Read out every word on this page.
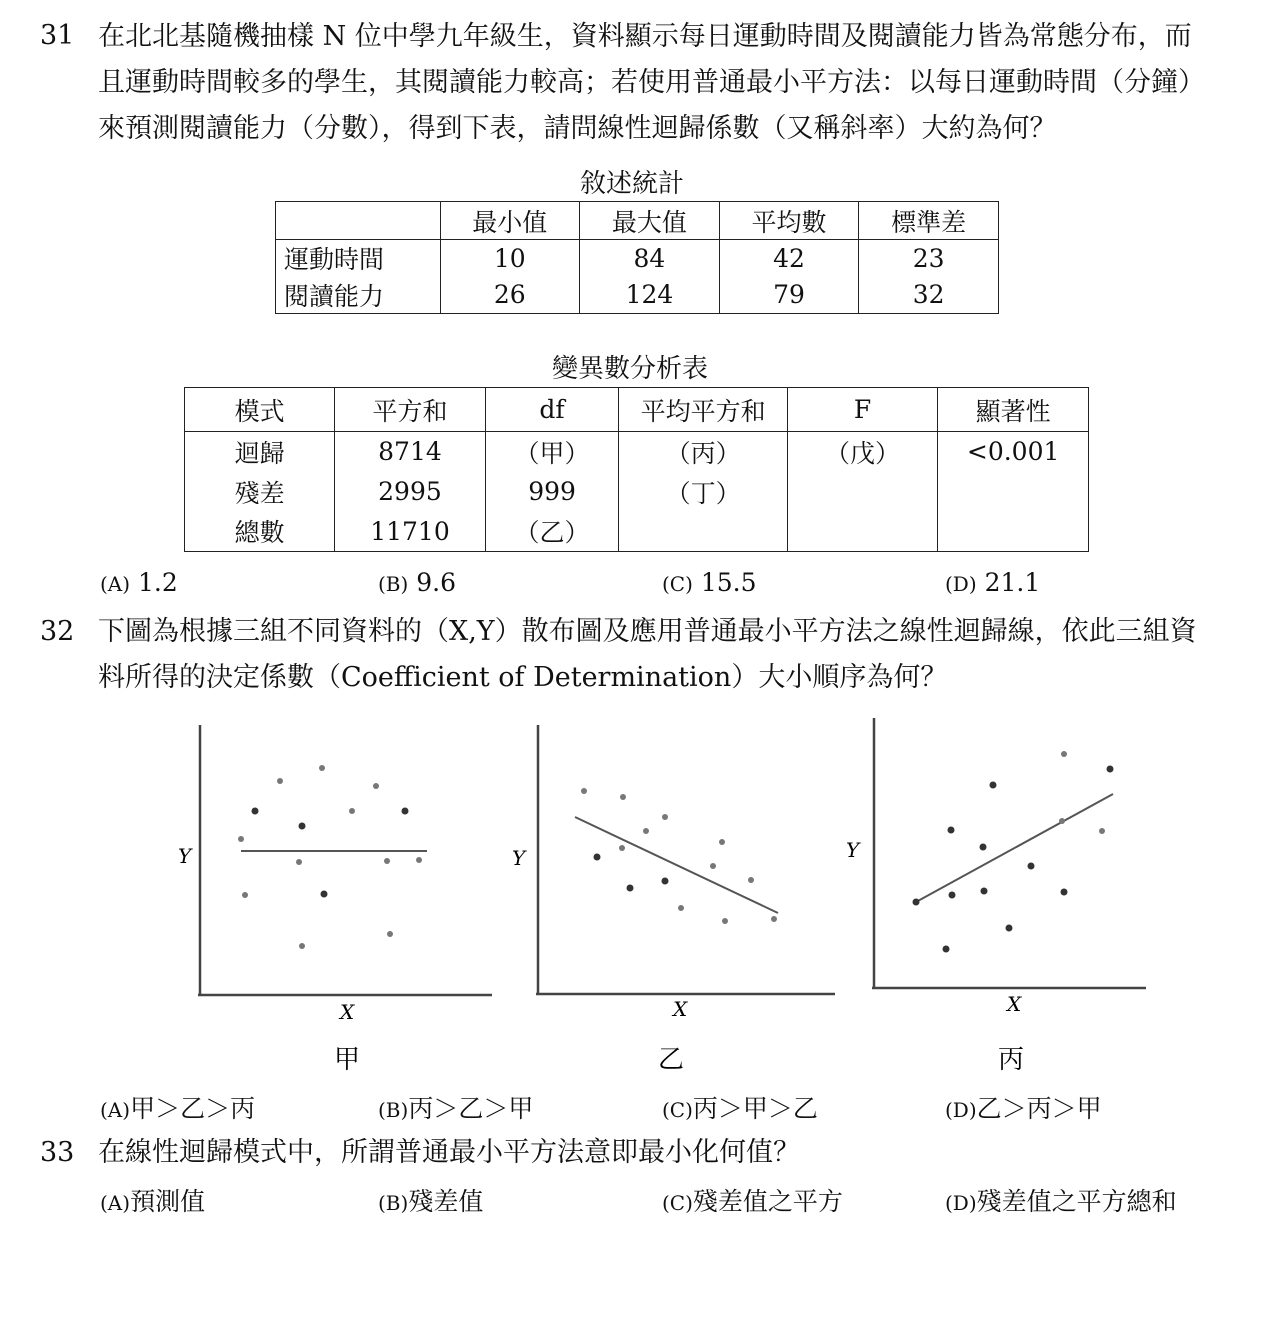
31 在北北基隨機抽樣 N 位中學九年級生，資料顯示每日運動時間及閱讀能力皆為常態分布，而
且運動時間較多的學生，其閱讀能力較高；若使用普通最小平方法：以每日運動時間（分鐘）
來預測閱讀能力（分數），得到下表，請問線性迴歸係數（又稱斜率）大約為何？
敘述統計
	最小值	最大值	平均數	標準差
運動時間	10	84	42	23
閱讀能力	26	124	79	32
變異數分析表
模式	平方和	df	平均平方和	F	顯著性
迴歸	8714	（甲）	（丙）	（戊）	<0.001
殘差	2995	999	（丁）		
總數	11710	（乙）			
(A) 1.2	(B) 9.6	(C) 15.5	(D) 21.1
32 下圖為根據三組不同資料的（X,Y）散布圖及應用普通最小平方法之線性迴歸線，依此三組資
料所得的決定係數（Coefficient of Determination）大小順序為何？
Y
X
甲
Y
X
乙
Y
X
丙
(A)甲＞乙＞丙	(B)丙＞乙＞甲	(C)丙＞甲＞乙	(D)乙＞丙＞甲
33 在線性迴歸模式中，所謂普通最小平方法意即最小化何值？
(A)預測值	(B)殘差值	(C)殘差值之平方	(D)殘差值之平方總和
